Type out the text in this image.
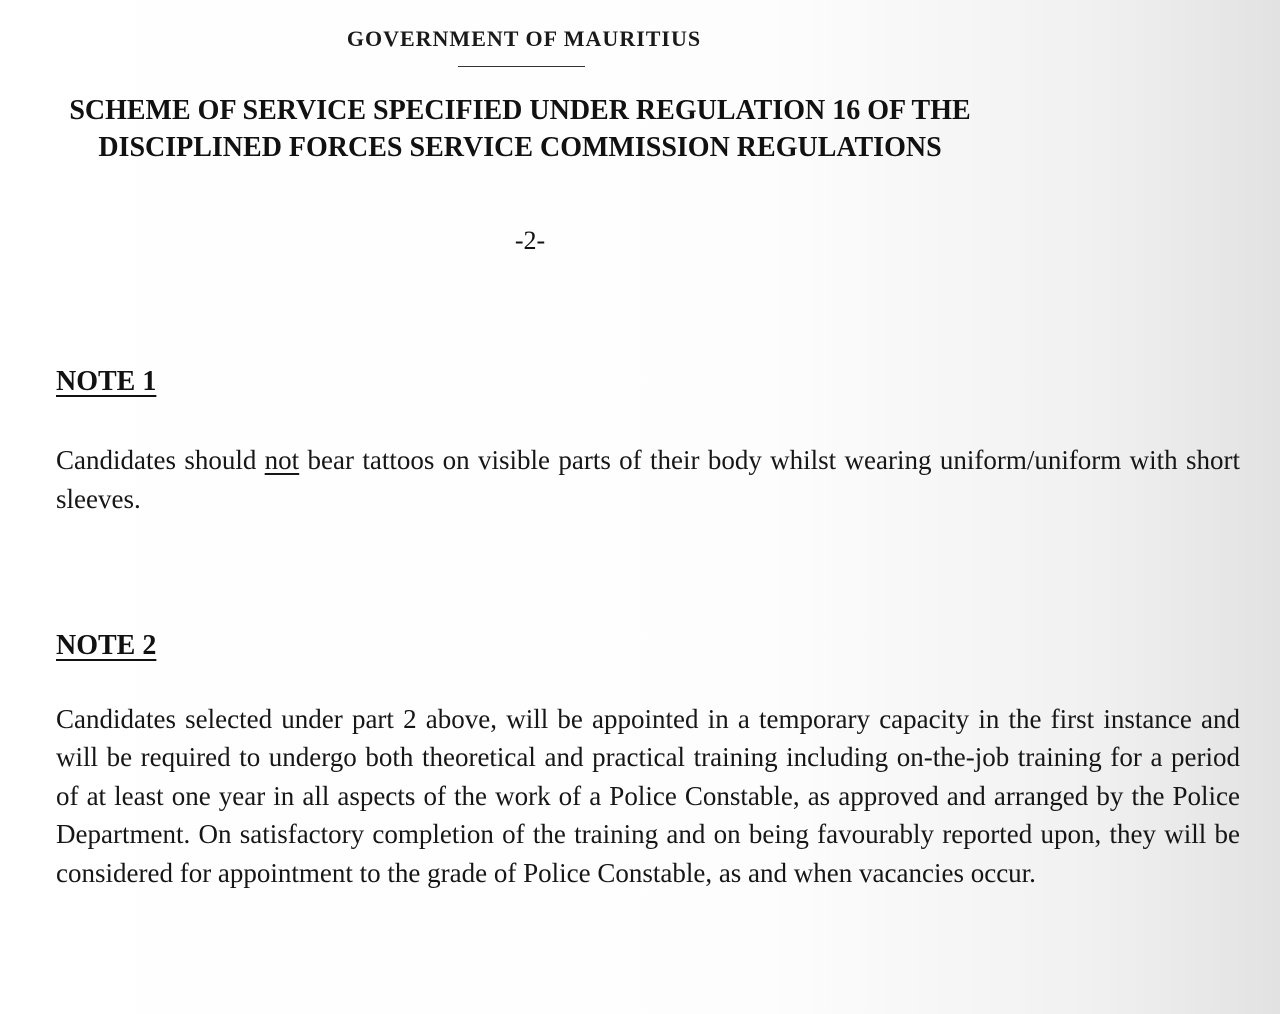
GOVERNMENT OF MAURITIUS

SCHEME OF SERVICE SPECIFIED UNDER REGULATION 16 OF THE
DISCIPLINED FORCES SERVICE COMMISSION REGULATIONS

-2-

NOTE 1

Candidates should not bear tattoos on visible parts of their body whilst wearing uniform/uniform with short sleeves.

NOTE 2

Candidates selected under part 2 above, will be appointed in a temporary capacity in the first instance and will be required to undergo both theoretical and practical training including on-the-job training for a period of at least one year in all aspects of the work of a Police Constable, as approved and arranged by the Police Department. On satisfactory completion of the training and on being favourably reported upon, they will be considered for appointment to the grade of Police Constable, as and when vacancies occur.
